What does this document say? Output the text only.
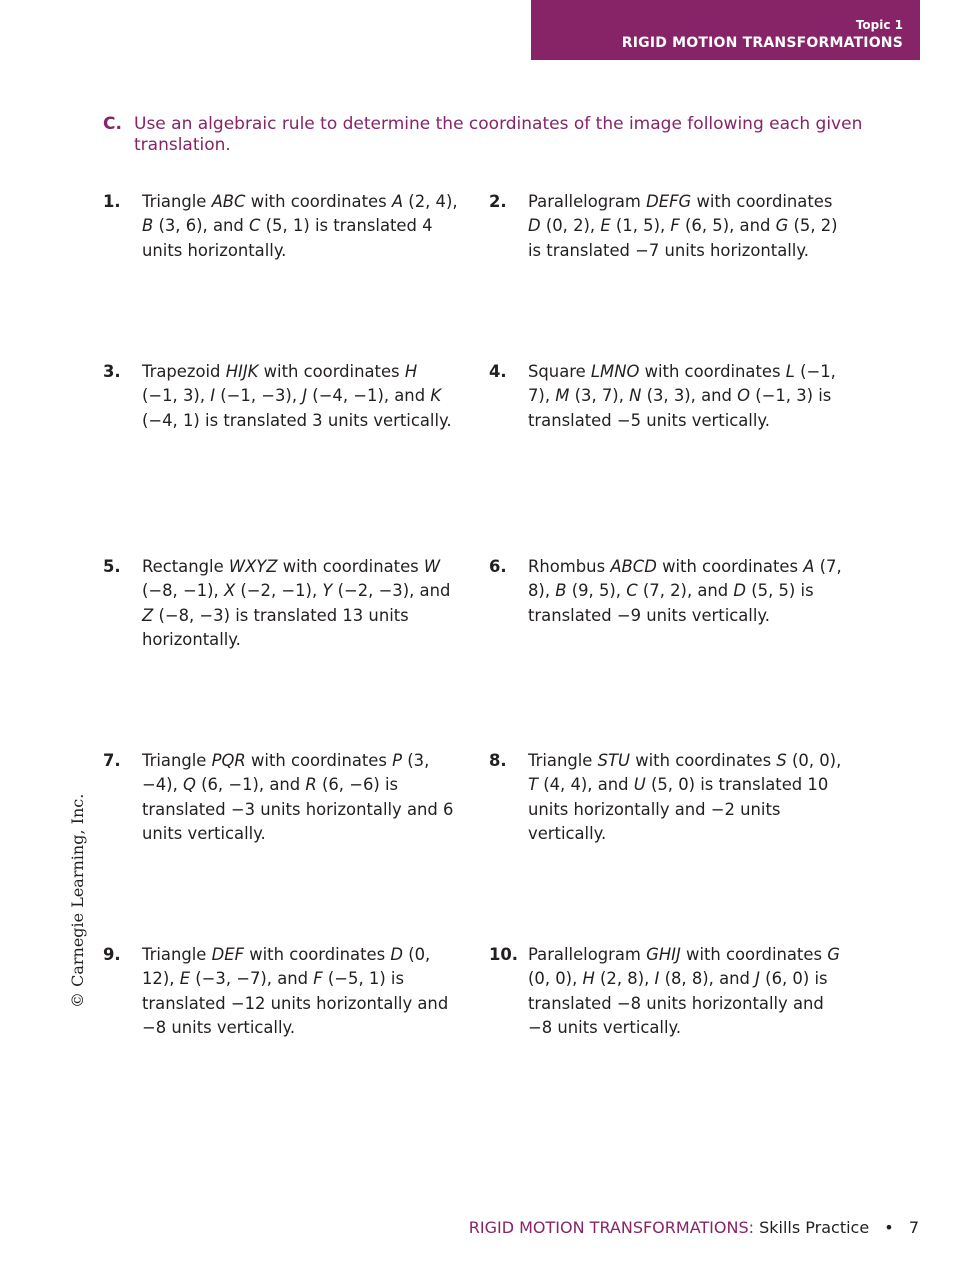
Topic 1
RIGID MOTION TRANSFORMATIONS
C. Use an algebraic rule to determine the coordinates of the image following each given translation.
1. Triangle ABC with coordinates A (2, 4), B (3, 6), and C (5, 1) is translated 4 units horizontally.
2. Parallelogram DEFG with coordinates D (0, 2), E (1, 5), F (6, 5), and G (5, 2) is translated −7 units horizontally.
3. Trapezoid HIJK with coordinates H (−1, 3), I (−1, −3), J (−4, −1), and K (−4, 1) is translated 3 units vertically.
4. Square LMNO with coordinates L (−1, 7), M (3, 7), N (3, 3), and O (−1, 3) is translated −5 units vertically.
5. Rectangle WXYZ with coordinates W (−8, −1), X (−2, −1), Y (−2, −3), and Z (−8, −3) is translated 13 units horizontally.
6. Rhombus ABCD with coordinates A (7, 8), B (9, 5), C (7, 2), and D (5, 5) is translated −9 units vertically.
7. Triangle PQR with coordinates P (3, −4), Q (6, −1), and R (6, −6) is translated −3 units horizontally and 6 units vertically.
8. Triangle STU with coordinates S (0, 0), T (4, 4), and U (5, 0) is translated 10 units horizontally and −2 units vertically.
9. Triangle DEF with coordinates D (0, 12), E (−3, −7), and F (−5, 1) is translated −12 units horizontally and −8 units vertically.
10. Parallelogram GHIJ with coordinates G (0, 0), H (2, 8), I (8, 8), and J (6, 0) is translated −8 units horizontally and −8 units vertically.
© Carnegie Learning, Inc.
RIGID MOTION TRANSFORMATIONS: Skills Practice • 7
